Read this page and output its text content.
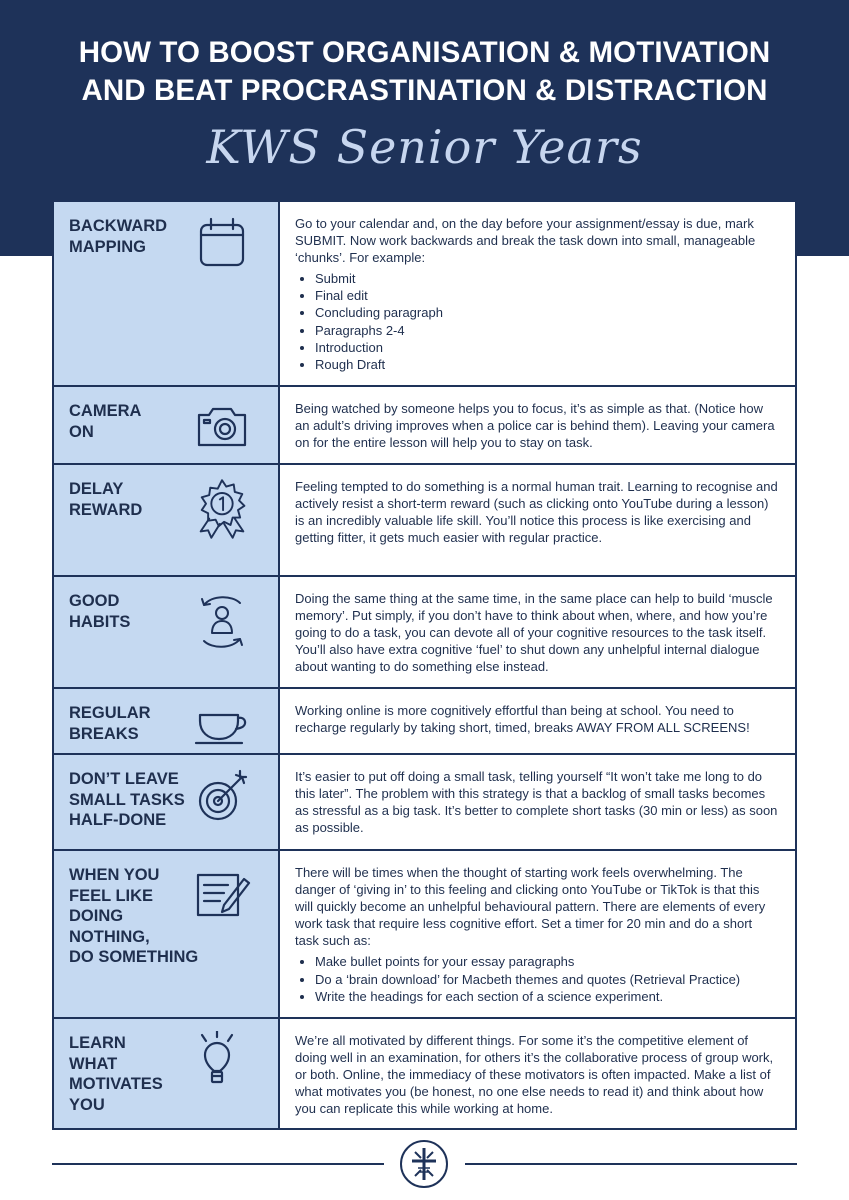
HOW TO BOOST ORGANISATION & MOTIVATION
AND BEAT PROCRASTINATION & DISTRACTION
KWS Senior Years
BACKWARD
MAPPING

Go to your calendar and, on the day before your assignment/essay is due, mark SUBMIT. Now work backwards and break the task down into small, manageable ‘chunks’. For example:

• Submit
• Final edit
• Concluding paragraph
• Paragraphs 2-4
• Introduction
• Rough Draft
CAMERA
ON

Being watched by someone helps you to focus, it’s as simple as that. (Notice how an adult’s driving improves when a police car is behind them). Leaving your camera on for the entire lesson will help you to stay on task.

DELAY
REWARD

Feeling tempted to do something is a normal human trait. Learning to recognise and actively resist a short-term reward (such as clicking onto YouTube during a lesson) is an incredibly valuable life skill. You’ll notice this process is like exercising and getting fitter, it gets much easier with regular practice.

GOOD
HABITS

Doing the same thing at the same time, in the same place can help to build ‘muscle memory’. Put simply, if you don’t have to think about when, where, and how you’re going to do a task, you can devote all of your cognitive resources to the task itself. You’ll also have extra cognitive ‘fuel’ to shut down any unhelpful internal dialogue about wanting to do something else instead.

REGULAR
BREAKS

Working online is more cognitively effortful than being at school. You need to recharge regularly by taking short, timed, breaks AWAY FROM ALL SCREENS!

DON’T LEAVE
SMALL TASKS
HALF-DONE

It’s easier to put off doing a small task, telling yourself “It won’t take me long to do this later”. The problem with this strategy is that a backlog of small tasks becomes as stressful as a big task. It’s better to complete short tasks (30 min or less) as soon as possible.

WHEN YOU
FEEL LIKE
DOING
NOTHING,
DO SOMETHING

There will be times when the thought of starting work feels overwhelming. The danger of ‘giving in’ to this feeling and clicking onto YouTube or TikTok is that this will quickly become an unhelpful behavioural pattern. There are elements of every work task that require less cognitive effort. Set a timer for 20 min and do a short task such as:

• Make bullet points for your essay paragraphs
• Do a ‘brain download’ for Macbeth themes and quotes (Retrieval Practice)
• Write the headings for each section of a science experiment.
LEARN
WHAT
MOTIVATES
YOU

We’re all motivated by different things. For some it’s the competitive element of doing well in an examination, for others it’s the collaborative process of group work, or both. Online, the immediacy of these motivators is often impacted. Make a list of what motivates you (be honest, no one else needs to read it) and think about how you can replicate this while working at home.
